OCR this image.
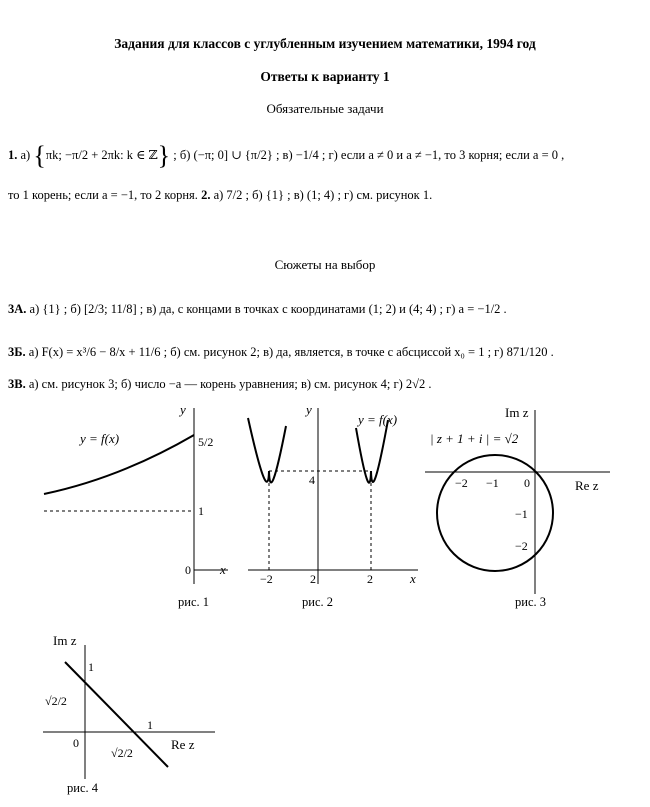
Задания для классов с углубленным изучением математики, 1994 год
Ответы к варианту 1
Обязательные задачи
1. а) {πk; −π/2 + 2πk: k ∈ ℤ} ; б) (−π; 0] ∪ {π/2} ; в) −1/4 ; г) если a ≠ 0 и a ≠ −1, то 3 корня; если a = 0 ,
то 1 корень; если a = −1, то 2 корня. 2. а) 7/2 ; б) {1} ; в) (1; 4) ; г) см. рисунок 1.
Сюжеты на выбор
3А. а) {1} ; б) [2/3; 11/8] ; в) да, с концами в точках с координатами (1; 2) и (4; 4) ; г) a = −1/2 .
3Б. а) F(x) = x³/6 − 8/x + 11/6 ; б) см. рисунок 2; в) да, является, в точке с абсциссой x₀ = 1 ; г) 871/120 .
3В. а) см. рисунок 3; б) число −a — корень уравнения; в) см. рисунок 4; г) 2√2 .
y
x
0
y = f(x)	5/2
1
рис. 1
y
x
y = f(x)
4
−2	2	2
рис. 2
Im z
Re z
| z + 1 + i | = √2
−2 −1 0
−1
−2
рис. 3
Im z
Re z
1
1
0
√2/2
√2/2
рис. 4
